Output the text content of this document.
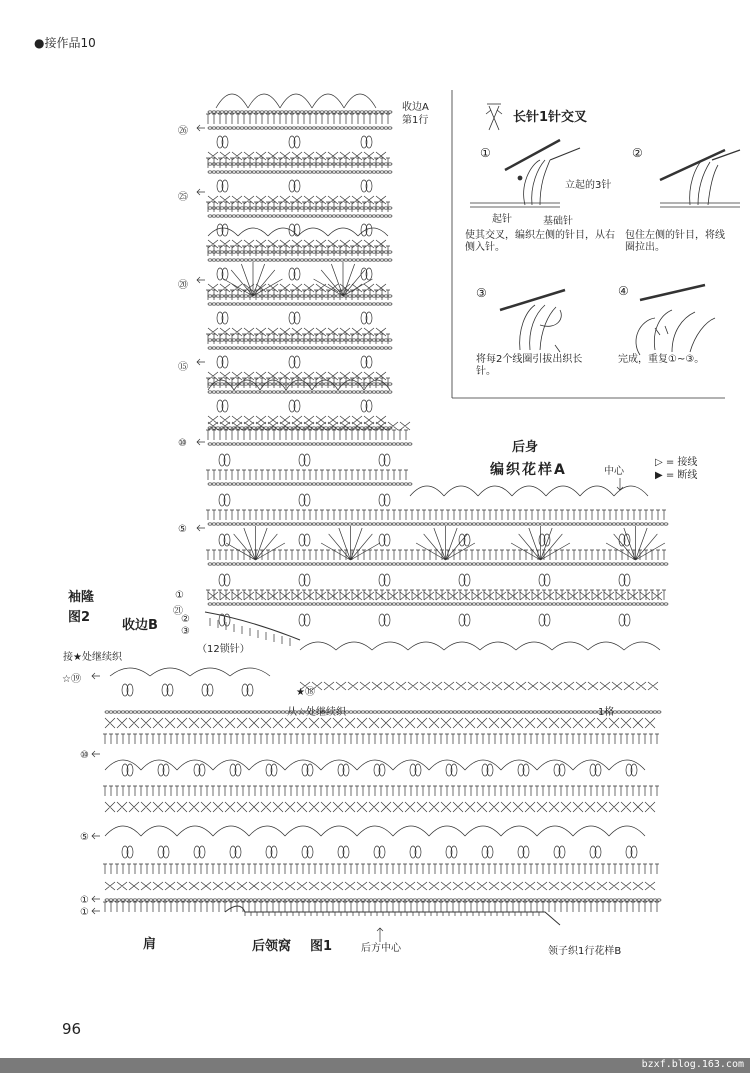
●接作品10
长针1针交叉
①
立起的3针
起针	基础针
使其交叉，编织左侧的针目，从右侧入针。
②
包住左侧的针目，将线圈拉出。
③
将每2个线圈引拔出织长针。
④
完成，重复①~③。
收边A
第1行
后身
编织花样A	中心
▷ = 接线
▶ = 断线
袖隆
图2
收边B
（12锁针）
接★处继续织
☆⑲
★⑱
从☆处继续织	1格
肩	后领窝 图1	后方中心	领子织1行花样B
㉖
㉕
⑳
⑮
⑩
⑤
①
㉑
②
③
⑩
⑤
①
①
96
bzxf.blog.163.com
